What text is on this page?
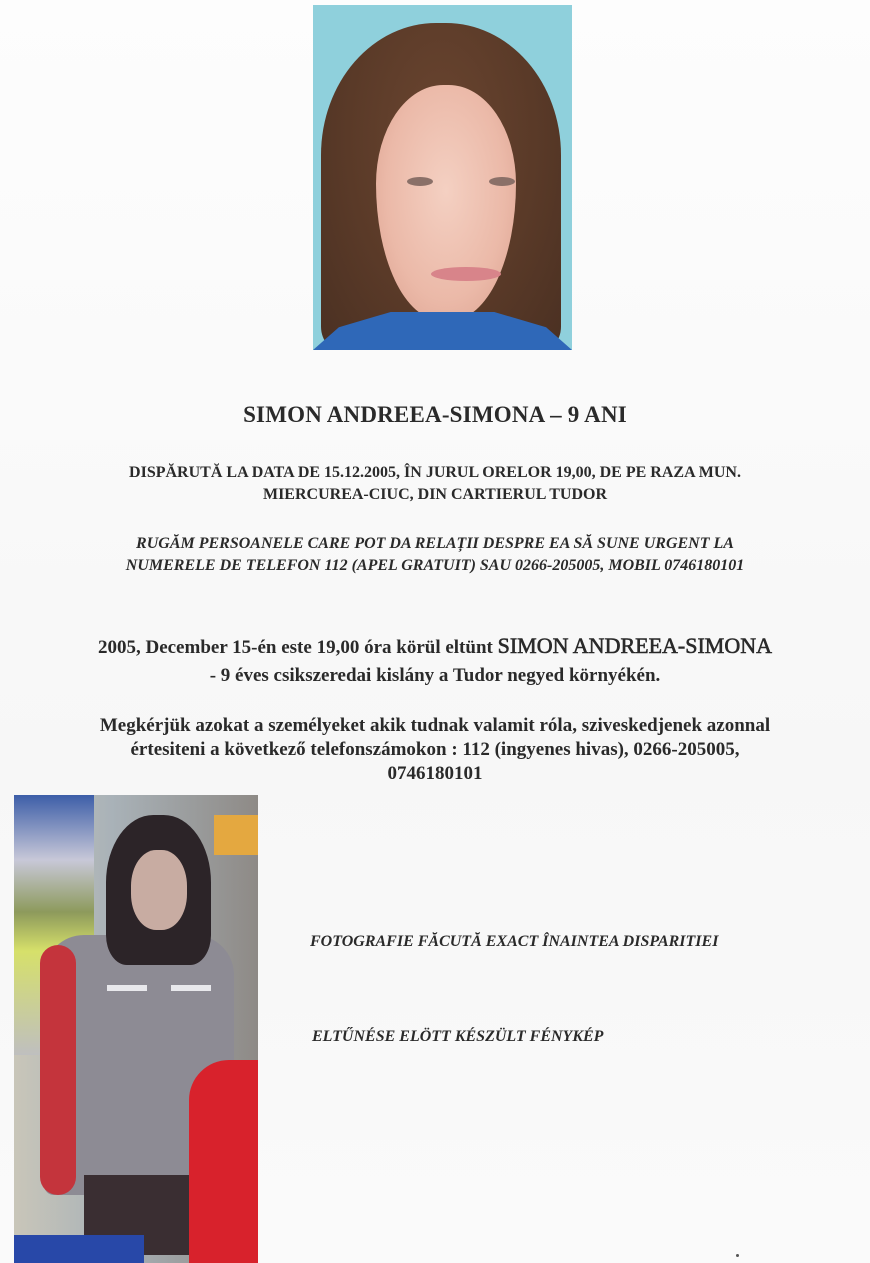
SIMON ANDREEA-SIMONA – 9 ANI
DISPĂRUTĂ LA DATA DE 15.12.2005, ÎN JURUL ORELOR 19,00, DE PE RAZA MUN.
MIERCUREA-CIUC, DIN CARTIERUL TUDOR
RUGĂM PERSOANELE CARE POT DA RELAȚII DESPRE EA SĂ SUNE URGENT LA
NUMERELE DE TELEFON 112 (APEL GRATUIT) SAU 0266-205005, MOBIL 0746180101
2005, December 15-én este 19,00 óra körül eltünt SIMON ANDREEA-SIMONA
- 9 éves csikszeredai kislány a Tudor negyed környékén.
Megkérjük azokat a személyeket akik tudnak valamit róla, sziveskedjenek azonnal
értesiteni a következő telefonszámokon : 112 (ingyenes hivas), 0266-205005,
0746180101
FOTOGRAFIE FĂCUTĂ EXACT ÎNAINTEA DISPARITIEI
ELTŰNÉSE ELÖTT KÉSZÜLT FÉNYKÉP
